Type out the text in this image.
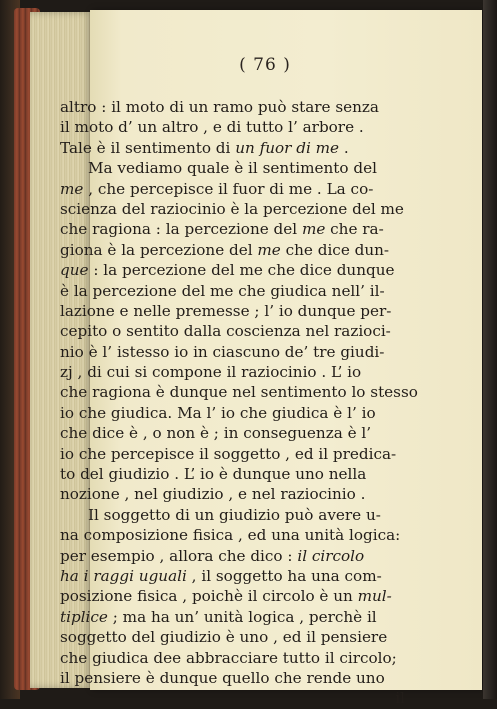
( 76 )
altro : il moto di un ramo può stare senza
il moto d’ un altro , e di tutto l’ arbore .
Tale è il sentimento di un fuor di me .
Ma vediamo quale è il sentimento del
me , che percepisce il fuor di me . La co-
scienza del raziocinio è la percezione del me
che ragiona : la percezione del me che ra-
giona è la percezione del me che dice dun-
que : la percezione del me che dice dunque
è la percezione del me che giudica nell’ il-
lazione e nelle premesse ; l’ io dunque per-
cepito o sentito dalla coscienza nel razioci-
nio è l’ istesso io in ciascuno de’ tre giudi-
zj , di cui si compone il raziocinio . L’ io
che ragiona è dunque nel sentimento lo stesso
io che giudica. Ma l’ io che giudica è l’ io
che dice è , o non è ; in conseguenza è l’
io che percepisce il soggetto , ed il predica-
to del giudizio . L’ io è dunque uno nella
nozione , nel giudizio , e nel raziocinio .
Il soggetto di un giudizio può avere u-
na composizione fisica , ed una unità logica:
per esempio , allora che dico : il circolo
ha i raggi uguali , il soggetto ha una com-
posizione fisica , poichè il circolo è un mul-
tiplice ; ma ha un’ unità logica , perchè il
soggetto del giudizio è uno , ed il pensiere
che giudica dee abbracciare tutto il circolo;
il pensiere è dunque quello che rende uno
il
